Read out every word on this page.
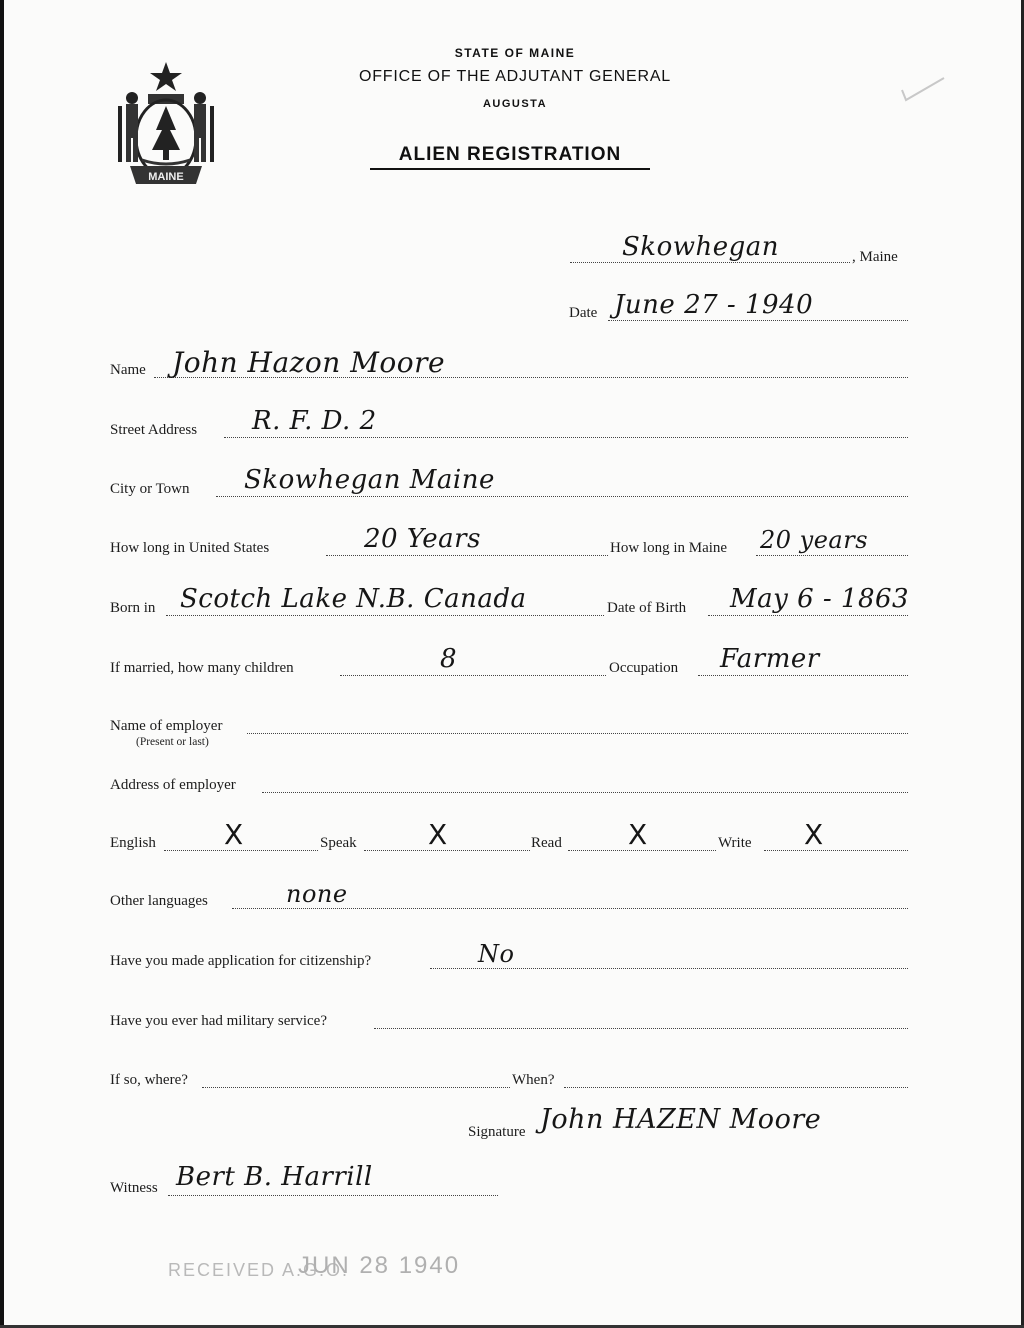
MAINE
STATE OF MAINE
OFFICE OF THE ADJUTANT GENERAL
AUGUSTA
ALIEN REGISTRATION
Skowhegan	, Maine
Date June 27 - 1940
Name John Hazon Moore
Street Address R. F. D. 2
City or Town Skowhegan Maine
How long in United States	20 Years	How long in Maine 20 years
Born in Scotch Lake N.B. Canada	Date of Birth May 6 - 1863
If married, how many children	8	Occupation Farmer
Name of employer
(Present or last)
Address of employer
English X	Speak	X	Read X	Write X
Other languages	none
Have you made application for citizenship?	No
Have you ever had military service?
If so, where?	When?
Signature John HAZEN Moore
Witness Bert B. Harrill
RECEIVED A.G.O.
JUN 28 1940
